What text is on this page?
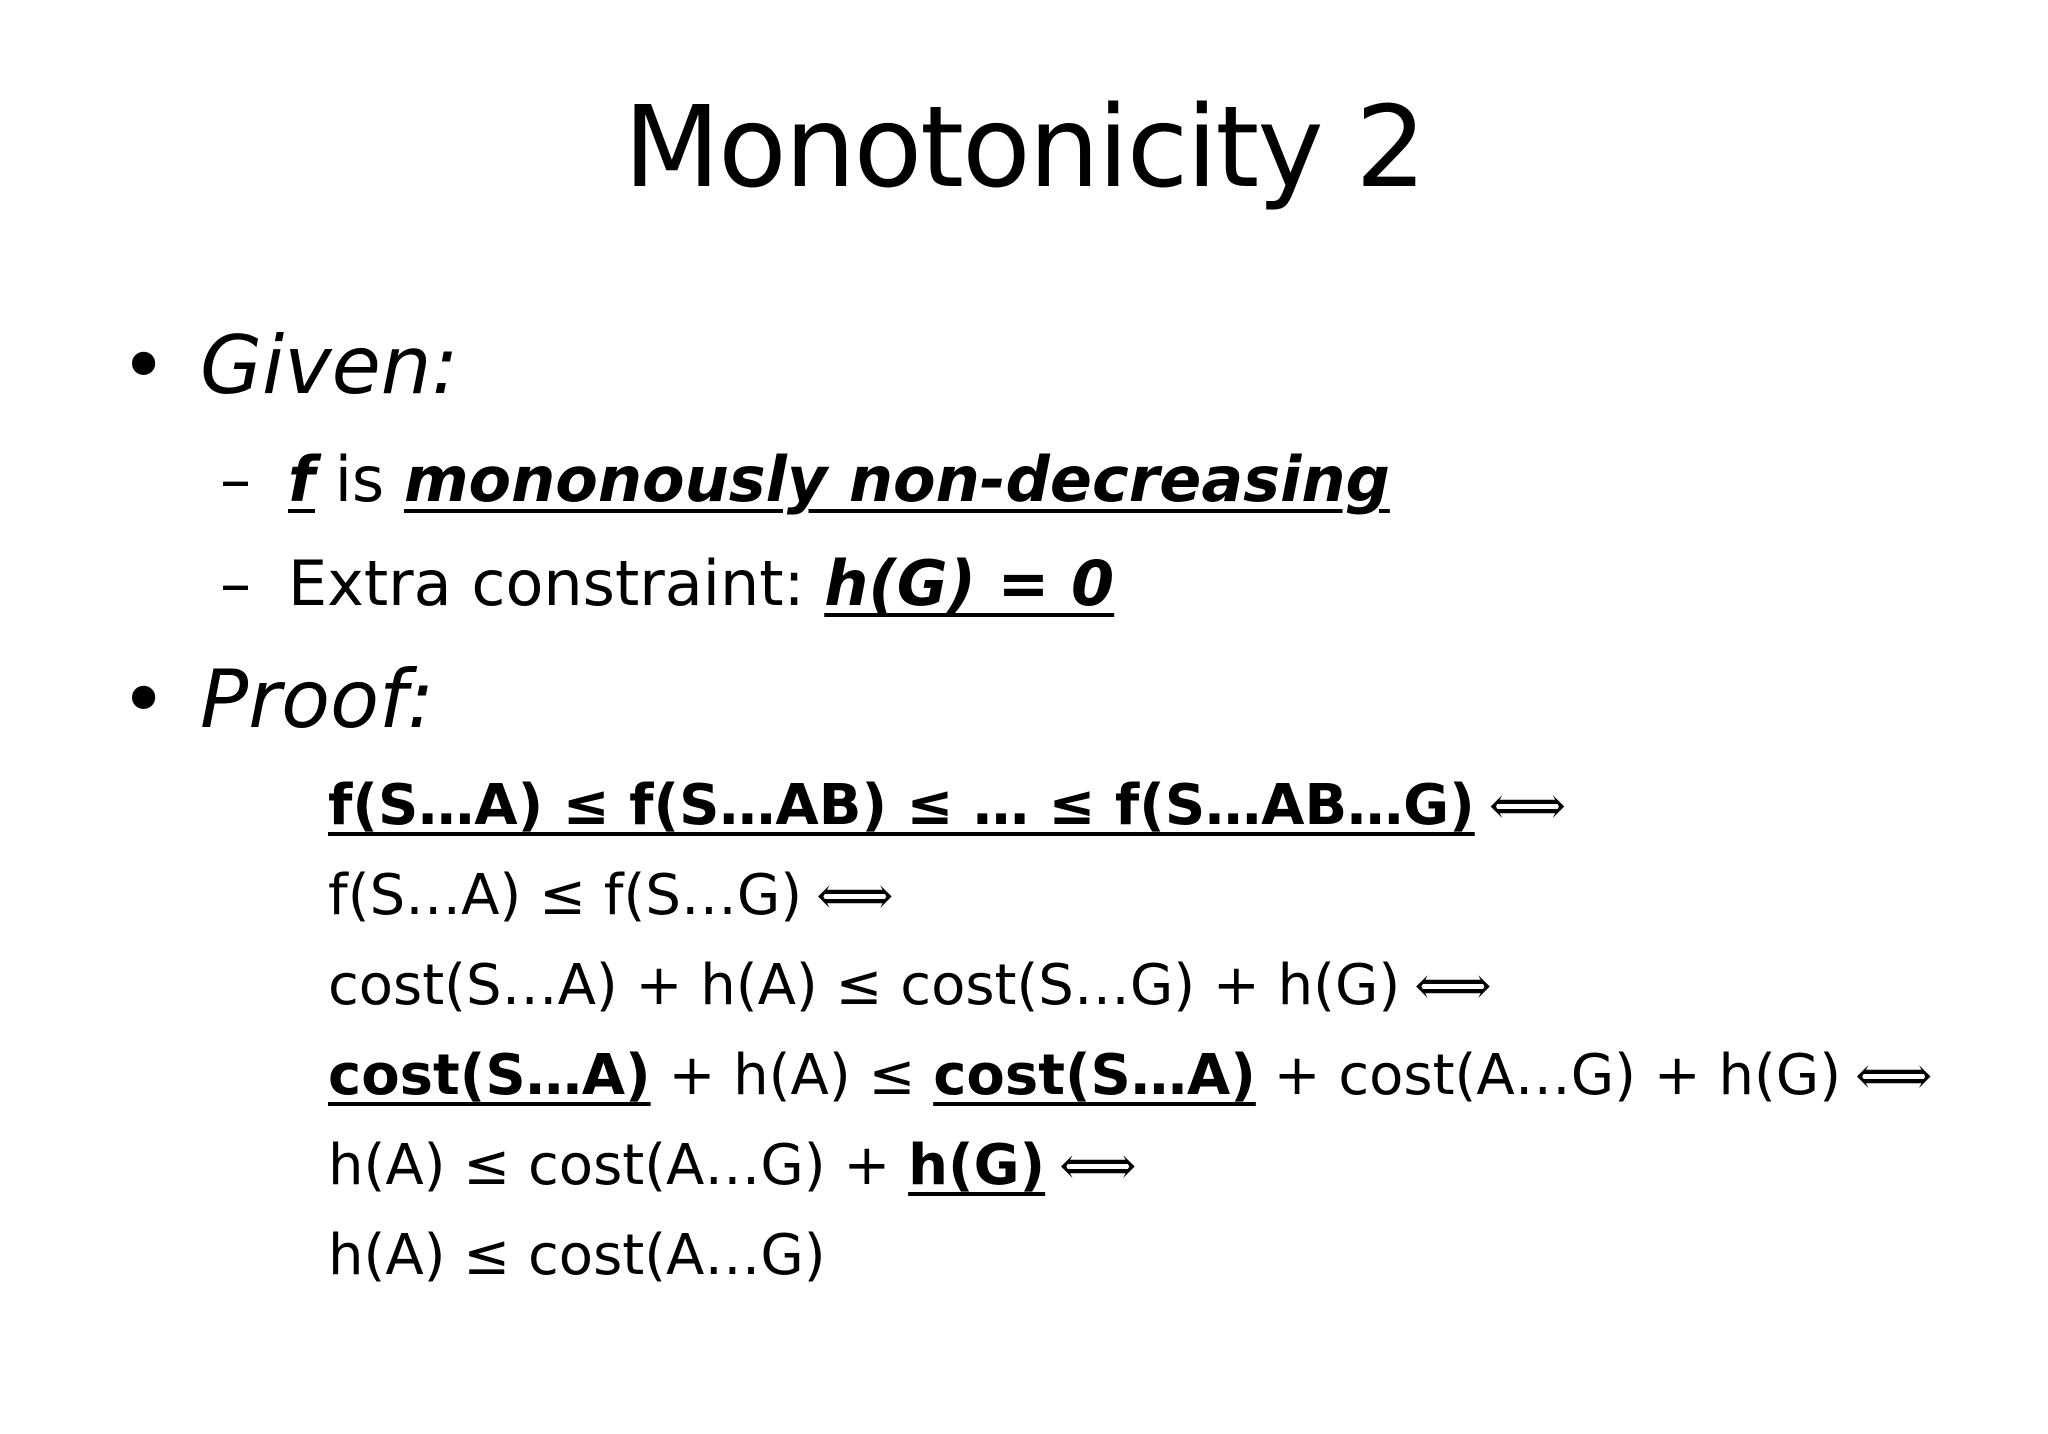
Monotonicity 2
• Given:
– f is mononously non-decreasing
– Extra constraint: h(G) = 0
• Proof:
f(S…A) ≤ f(S…AB) ≤ … ≤ f(S…AB…G) ⟺
f(S…A) ≤ f(S…G) ⟺
cost(S…A) + h(A) ≤ cost(S…G) + h(G) ⟺
cost(S…A) + h(A) ≤ cost(S…A) + cost(A…G) + h(G) ⟺
h(A) ≤ cost(A…G) + h(G) ⟺
h(A) ≤ cost(A…G)
